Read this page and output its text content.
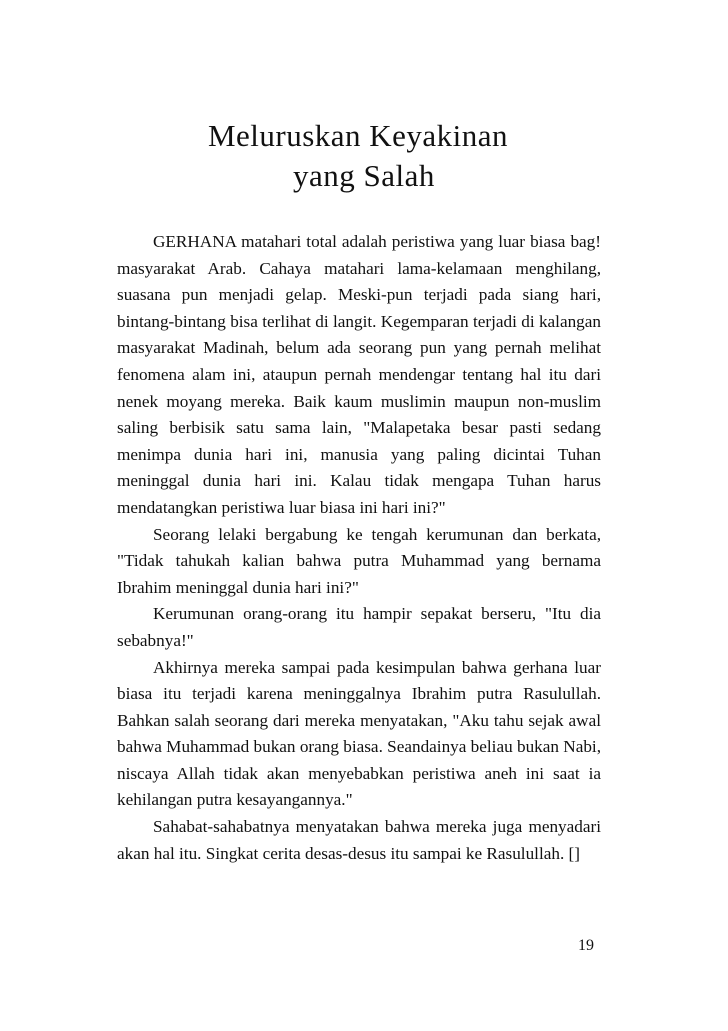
Meluruskan Keyakinan
yang Salah

GERHANA matahari total adalah peristiwa yang luar biasa bag! masyarakat Arab. Cahaya matahari lama-kelamaan menghilang, suasana pun menjadi gelap. Meski-pun terjadi pada siang hari, bintang-bintang bisa terlihat di langit. Kegemparan terjadi di kalangan masyarakat Madinah, belum ada seorang pun yang pernah melihat fenomena alam ini, ataupun pernah mendengar tentang hal itu dari nenek moyang mereka. Baik kaum muslimin maupun non-muslim saling berbisik satu sama lain, "Malapetaka besar pasti sedang menimpa dunia hari ini, manusia yang paling dicintai Tuhan meninggal dunia hari ini. Kalau tidak mengapa Tuhan harus mendatangkan peristiwa luar biasa ini hari ini?"

Seorang lelaki bergabung ke tengah kerumunan dan berkata, "Tidak tahukah kalian bahwa putra Muhammad yang bernama Ibrahim meninggal dunia hari ini?"

Kerumunan orang-orang itu hampir sepakat berseru, "Itu dia sebabnya!"

Akhirnya mereka sampai pada kesimpulan bahwa gerhana luar biasa itu terjadi karena meninggalnya Ibrahim putra Rasulullah. Bahkan salah seorang dari mereka menyatakan, "Aku tahu sejak awal bahwa Muhammad bukan orang biasa. Seandainya beliau bukan Nabi, niscaya Allah tidak akan menyebabkan peristiwa aneh ini saat ia kehilangan putra kesayangannya."

Sahabat-sahabatnya menyatakan bahwa mereka juga menyadari akan hal itu. Singkat cerita desas-desus itu sampai ke Rasulullah. []

19
